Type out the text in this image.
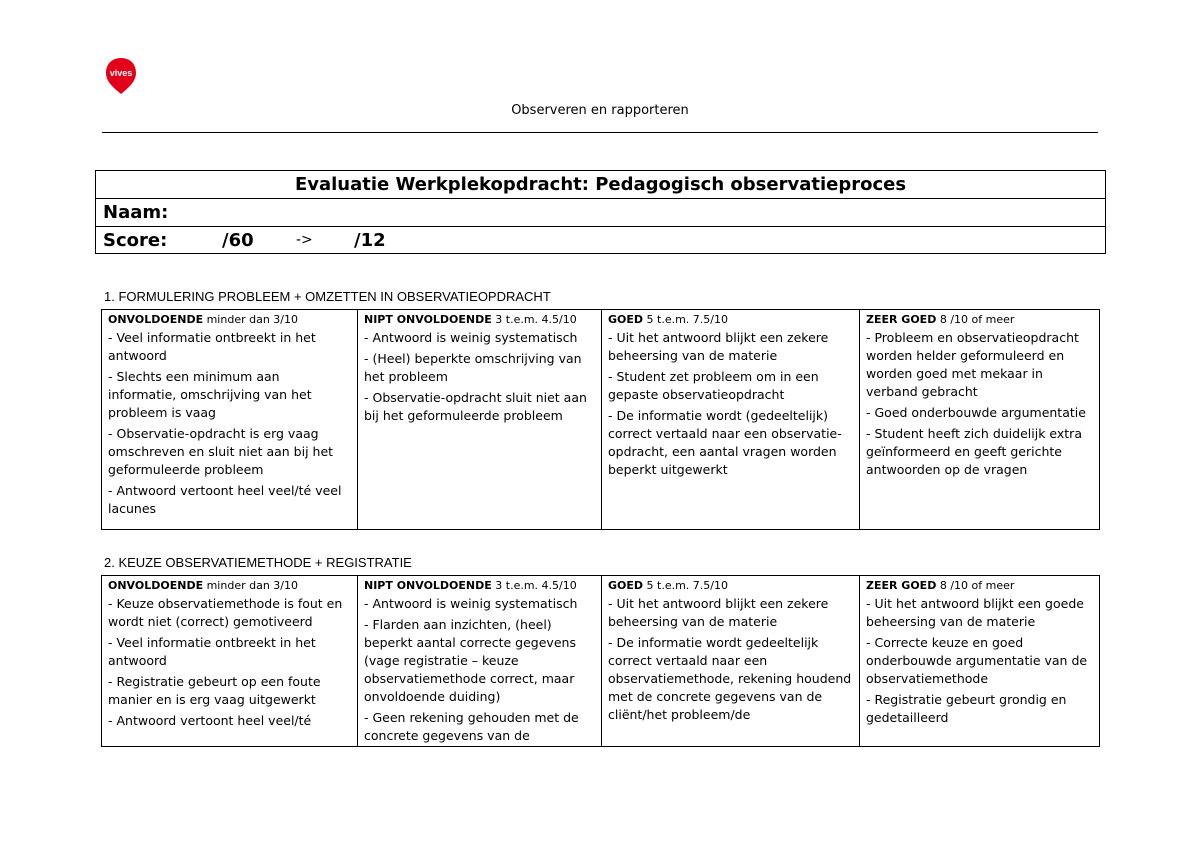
vives
Observeren en rapporteren
Evaluatie Werkplekopdracht: Pedagogisch observatieproces
Naam:
Score:	/60	-> /12
1. FORMULERING PROBLEEM + OMZETTEN IN OBSERVATIEOPDRACHT
ONVOLDOENDE minder dan 3/10
- Veel informatie ontbreekt in het antwoord
- Slechts een minimum aan informatie, omschrijving van het probleem is vaag
- Observatie-opdracht is erg vaag omschreven en sluit niet aan bij het geformuleerde probleem
- Antwoord vertoont heel veel/té veel lacunes
NIPT ONVOLDOENDE 3 t.e.m. 4.5/10
- Antwoord is weinig systematisch
- (Heel) beperkte omschrijving van het probleem
- Observatie-opdracht sluit niet aan bij het geformuleerde probleem
GOED 5 t.e.m. 7.5/10
- Uit het antwoord blijkt een zekere beheersing van de materie
- Student zet probleem om in een gepaste observatieopdracht
- De informatie wordt (gedeeltelijk) correct vertaald naar een observatie-opdracht, een aantal vragen worden beperkt uitgewerkt
ZEER GOED 8 /10 of meer
- Probleem en observatieopdracht worden helder geformuleerd en worden goed met mekaar in verband gebracht
- Goed onderbouwde argumentatie
- Student heeft zich duidelijk extra geïnformeerd en geeft gerichte antwoorden op de vragen
2. KEUZE OBSERVATIEMETHODE + REGISTRATIE
ONVOLDOENDE minder dan 3/10
- Keuze observatiemethode is fout en wordt niet (correct) gemotiveerd
- Veel informatie ontbreekt in het antwoord
- Registratie gebeurt op een foute manier en is erg vaag uitgewerkt
- Antwoord vertoont heel veel/té
NIPT ONVOLDOENDE 3 t.e.m. 4.5/10
- Antwoord is weinig systematisch
- Flarden aan inzichten, (heel) beperkt aantal correcte gegevens (vage registratie – keuze observatiemethode correct, maar onvoldoende duiding)
- Geen rekening gehouden met de concrete gegevens van de
GOED 5 t.e.m. 7.5/10
- Uit het antwoord blijkt een zekere beheersing van de materie
- De informatie wordt gedeeltelijk correct vertaald naar een observatiemethode, rekening houdend met de concrete gegevens van de cliënt/het probleem/de
ZEER GOED 8 /10 of meer
- Uit het antwoord blijkt een goede beheersing van de materie
- Correcte keuze en goed onderbouwde argumentatie van de observatiemethode
- Registratie gebeurt grondig en gedetailleerd
